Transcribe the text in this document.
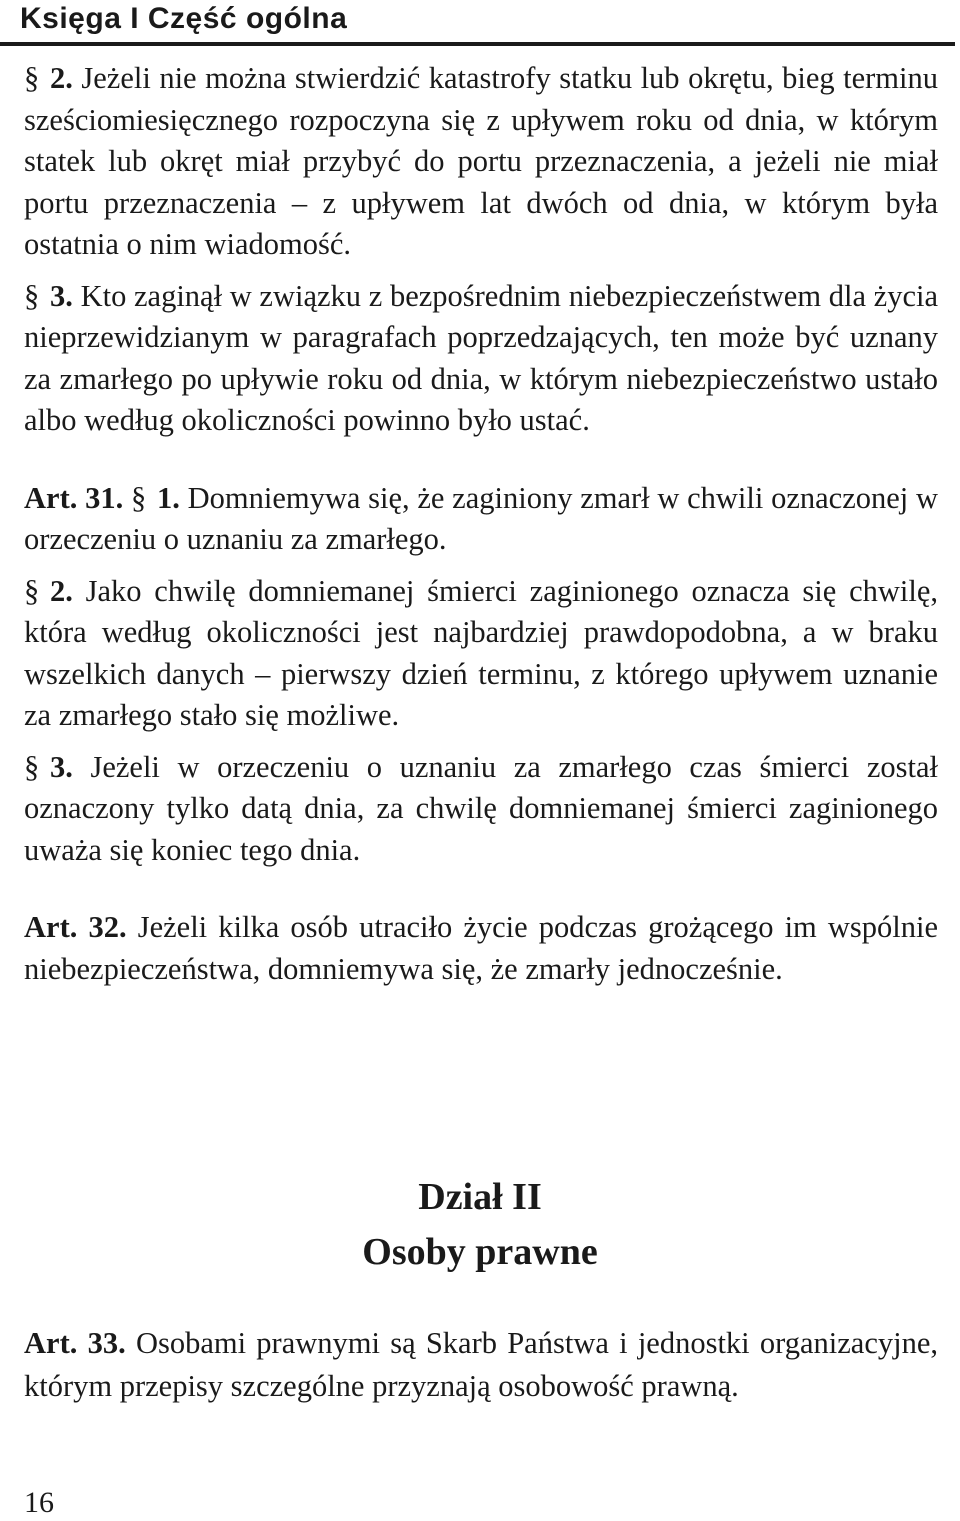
Księga I Część ogólna

§ 2. Jeżeli nie można stwierdzić katastrofy statku lub okrętu, bieg terminu sześciomiesięcznego rozpoczyna się z upływem roku od dnia, w którym statek lub okręt miał przybyć do portu przeznaczenia, a jeżeli nie miał portu przeznaczenia – z upływem lat dwóch od dnia, w którym była ostatnia o nim wiadomość.

§ 3. Kto zaginął w związku z bezpośrednim niebezpieczeństwem dla życia nieprzewidzianym w paragrafach poprzedzających, ten może być uznany za zmarłego po upływie roku od dnia, w którym niebezpieczeństwo ustało albo według okoliczności powinno było ustać.

Art. 31. § 1. Domniemywa się, że zaginiony zmarł w chwili oznaczonej w orzeczeniu o uznaniu za zmarłego.

§ 2. Jako chwilę domniemanej śmierci zaginionego oznacza się chwilę, która według okoliczności jest najbardziej prawdopodobna, a w braku wszelkich danych – pierwszy dzień terminu, z którego upływem uznanie za zmarłego stało się możliwe.

§ 3. Jeżeli w orzeczeniu o uznaniu za zmarłego czas śmierci został oznaczony tylko datą dnia, za chwilę domniemanej śmierci zaginionego uważa się koniec tego dnia.

Art. 32. Jeżeli kilka osób utraciło życie podczas grożącego im wspólnie niebezpieczeństwa, domniemywa się, że zmarły jednocześnie.

Dział II
Osoby prawne

Art. 33. Osobami prawnymi są Skarb Państwa i jednostki organizacyjne, którym przepisy szczególne przyznają osobowość prawną.

16
